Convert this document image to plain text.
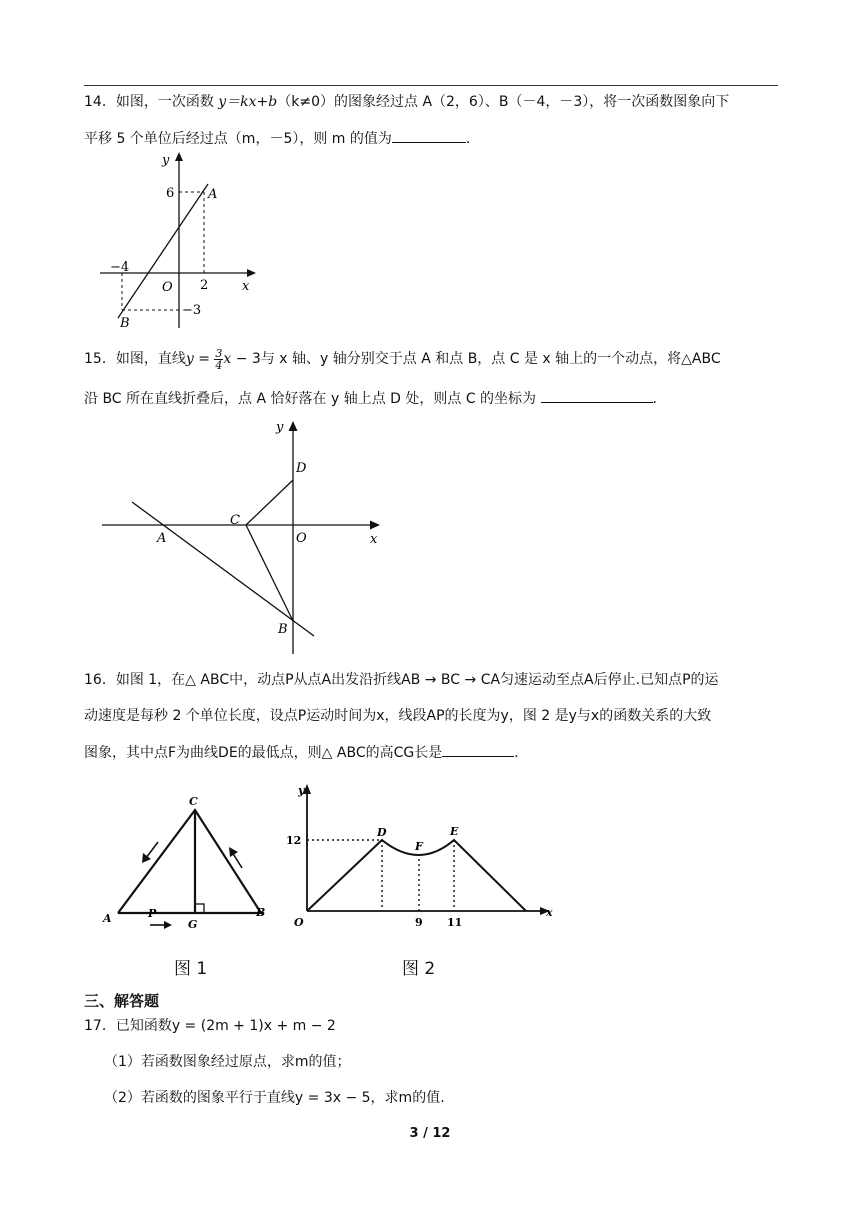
14．如图，一次函数 y＝kx+b（k≠0）的图象经过点 A（2，6）、B（－4，－3），将一次函数图象向下
平移 5 个单位后经过点（m，－5），则 m 的值为	．
y
x
O
6
2
−4
−3
A
B
15．如图，直线$y = \frac{3}{4}$ x − 3与 x 轴、y 轴分别交于点 A 和点 B，点 C 是 x 轴上的一个动点，将△ABC
沿 BC 所在直线折叠后，点 A 恰好落在 y 轴上点 D 处，则点 C 的坐标为	．
y
x
O
A
B
C
D
16．如图 1，在△ ABC中，动点P从点A出发沿折线AB → BC → CA匀速运动至点A后停止.已知点P的运
动速度是每秒 2 个单位长度，设点P运动时间为x，线段AP的长度为y，图 2 是y与x的函数关系的大致
图象，其中点F为曲线DE的最低点，则△ ABC的高CG长是	．
A	B
C
G
P
y
x
O
12
9 11
D	E
F
图 1	图 2
三、解答题
17．已知函数y = (2m + 1)x + m − 2
（1）若函数图象经过原点，求m的值；
（2）若函数的图象平行于直线y = 3x − 5，求m的值.
3 / 12
